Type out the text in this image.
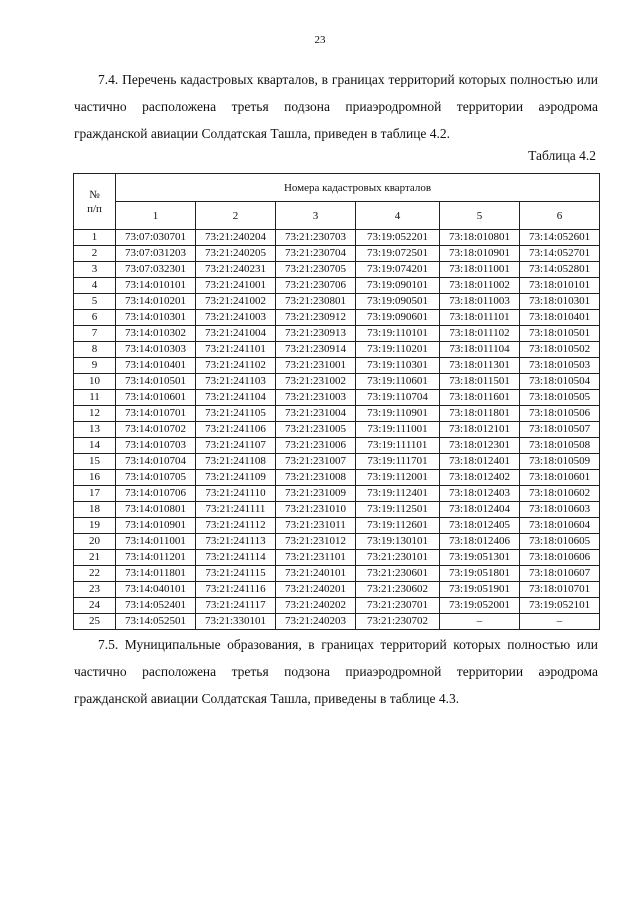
23

7.4. Перечень кадастровых кварталов, в границах территорий которых полностью или частично расположена третья подзона приаэродромной территории аэродрома гражданской авиации Солдатская Ташла, приведен в таблице 4.2.

Таблица 4.2
№
п/п	Номера кадастровых кварталов					
	1	2	3	4	5	6
1	73:07:030701	73:21:240204	73:21:230703	73:19:052201	73:18:010801	73:14:052601
2	73:07:031203	73:21:240205	73:21:230704	73:19:072501	73:18:010901	73:14:052701
3	73:07:032301	73:21:240231	73:21:230705	73:19:074201	73:18:011001	73:14:052801
4	73:14:010101	73:21:241001	73:21:230706	73:19:090101	73:18:011002	73:18:010101
5	73:14:010201	73:21:241002	73:21:230801	73:19:090501	73:18:011003	73:18:010301
6	73:14:010301	73:21:241003	73:21:230912	73:19:090601	73:18:011101	73:18:010401
7	73:14:010302	73:21:241004	73:21:230913	73:19:110101	73:18:011102	73:18:010501
8	73:14:010303	73:21:241101	73:21:230914	73:19:110201	73:18:011104	73:18:010502
9	73:14:010401	73:21:241102	73:21:231001	73:19:110301	73:18:011301	73:18:010503
10	73:14:010501	73:21:241103	73:21:231002	73:19:110601	73:18:011501	73:18:010504
11	73:14:010601	73:21:241104	73:21:231003	73:19:110704	73:18:011601	73:18:010505
12	73:14:010701	73:21:241105	73:21:231004	73:19:110901	73:18:011801	73:18:010506
13	73:14:010702	73:21:241106	73:21:231005	73:19:111001	73:18:012101	73:18:010507
14	73:14:010703	73:21:241107	73:21:231006	73:19:111101	73:18:012301	73:18:010508
15	73:14:010704	73:21:241108	73:21:231007	73:19:111701	73:18:012401	73:18:010509
16	73:14:010705	73:21:241109	73:21:231008	73:19:112001	73:18:012402	73:18:010601
17	73:14:010706	73:21:241110	73:21:231009	73:19:112401	73:18:012403	73:18:010602
18	73:14:010801	73:21:241111	73:21:231010	73:19:112501	73:18:012404	73:18:010603
19	73:14:010901	73:21:241112	73:21:231011	73:19:112601	73:18:012405	73:18:010604
20	73:14:011001	73:21:241113	73:21:231012	73:19:130101	73:18:012406	73:18:010605
21	73:14:011201	73:21:241114	73:21:231101	73:21:230101	73:19:051301	73:18:010606
22	73:14:011801	73:21:241115	73:21:240101	73:21:230601	73:19:051801	73:18:010607
23	73:14:040101	73:21:241116	73:21:240201	73:21:230602	73:19:051901	73:18:010701
24	73:14:052401	73:21:241117	73:21:240202	73:21:230701	73:19:052001	73:19:052101
25	73:14:052501	73:21:330101	73:21:240203	73:21:230702	–	–

7.5. Муниципальные образования, в границах территорий которых полностью или частично расположена третья подзона приаэродромной территории аэродрома гражданской авиации Солдатская Ташла, приведены в таблице 4.3.
